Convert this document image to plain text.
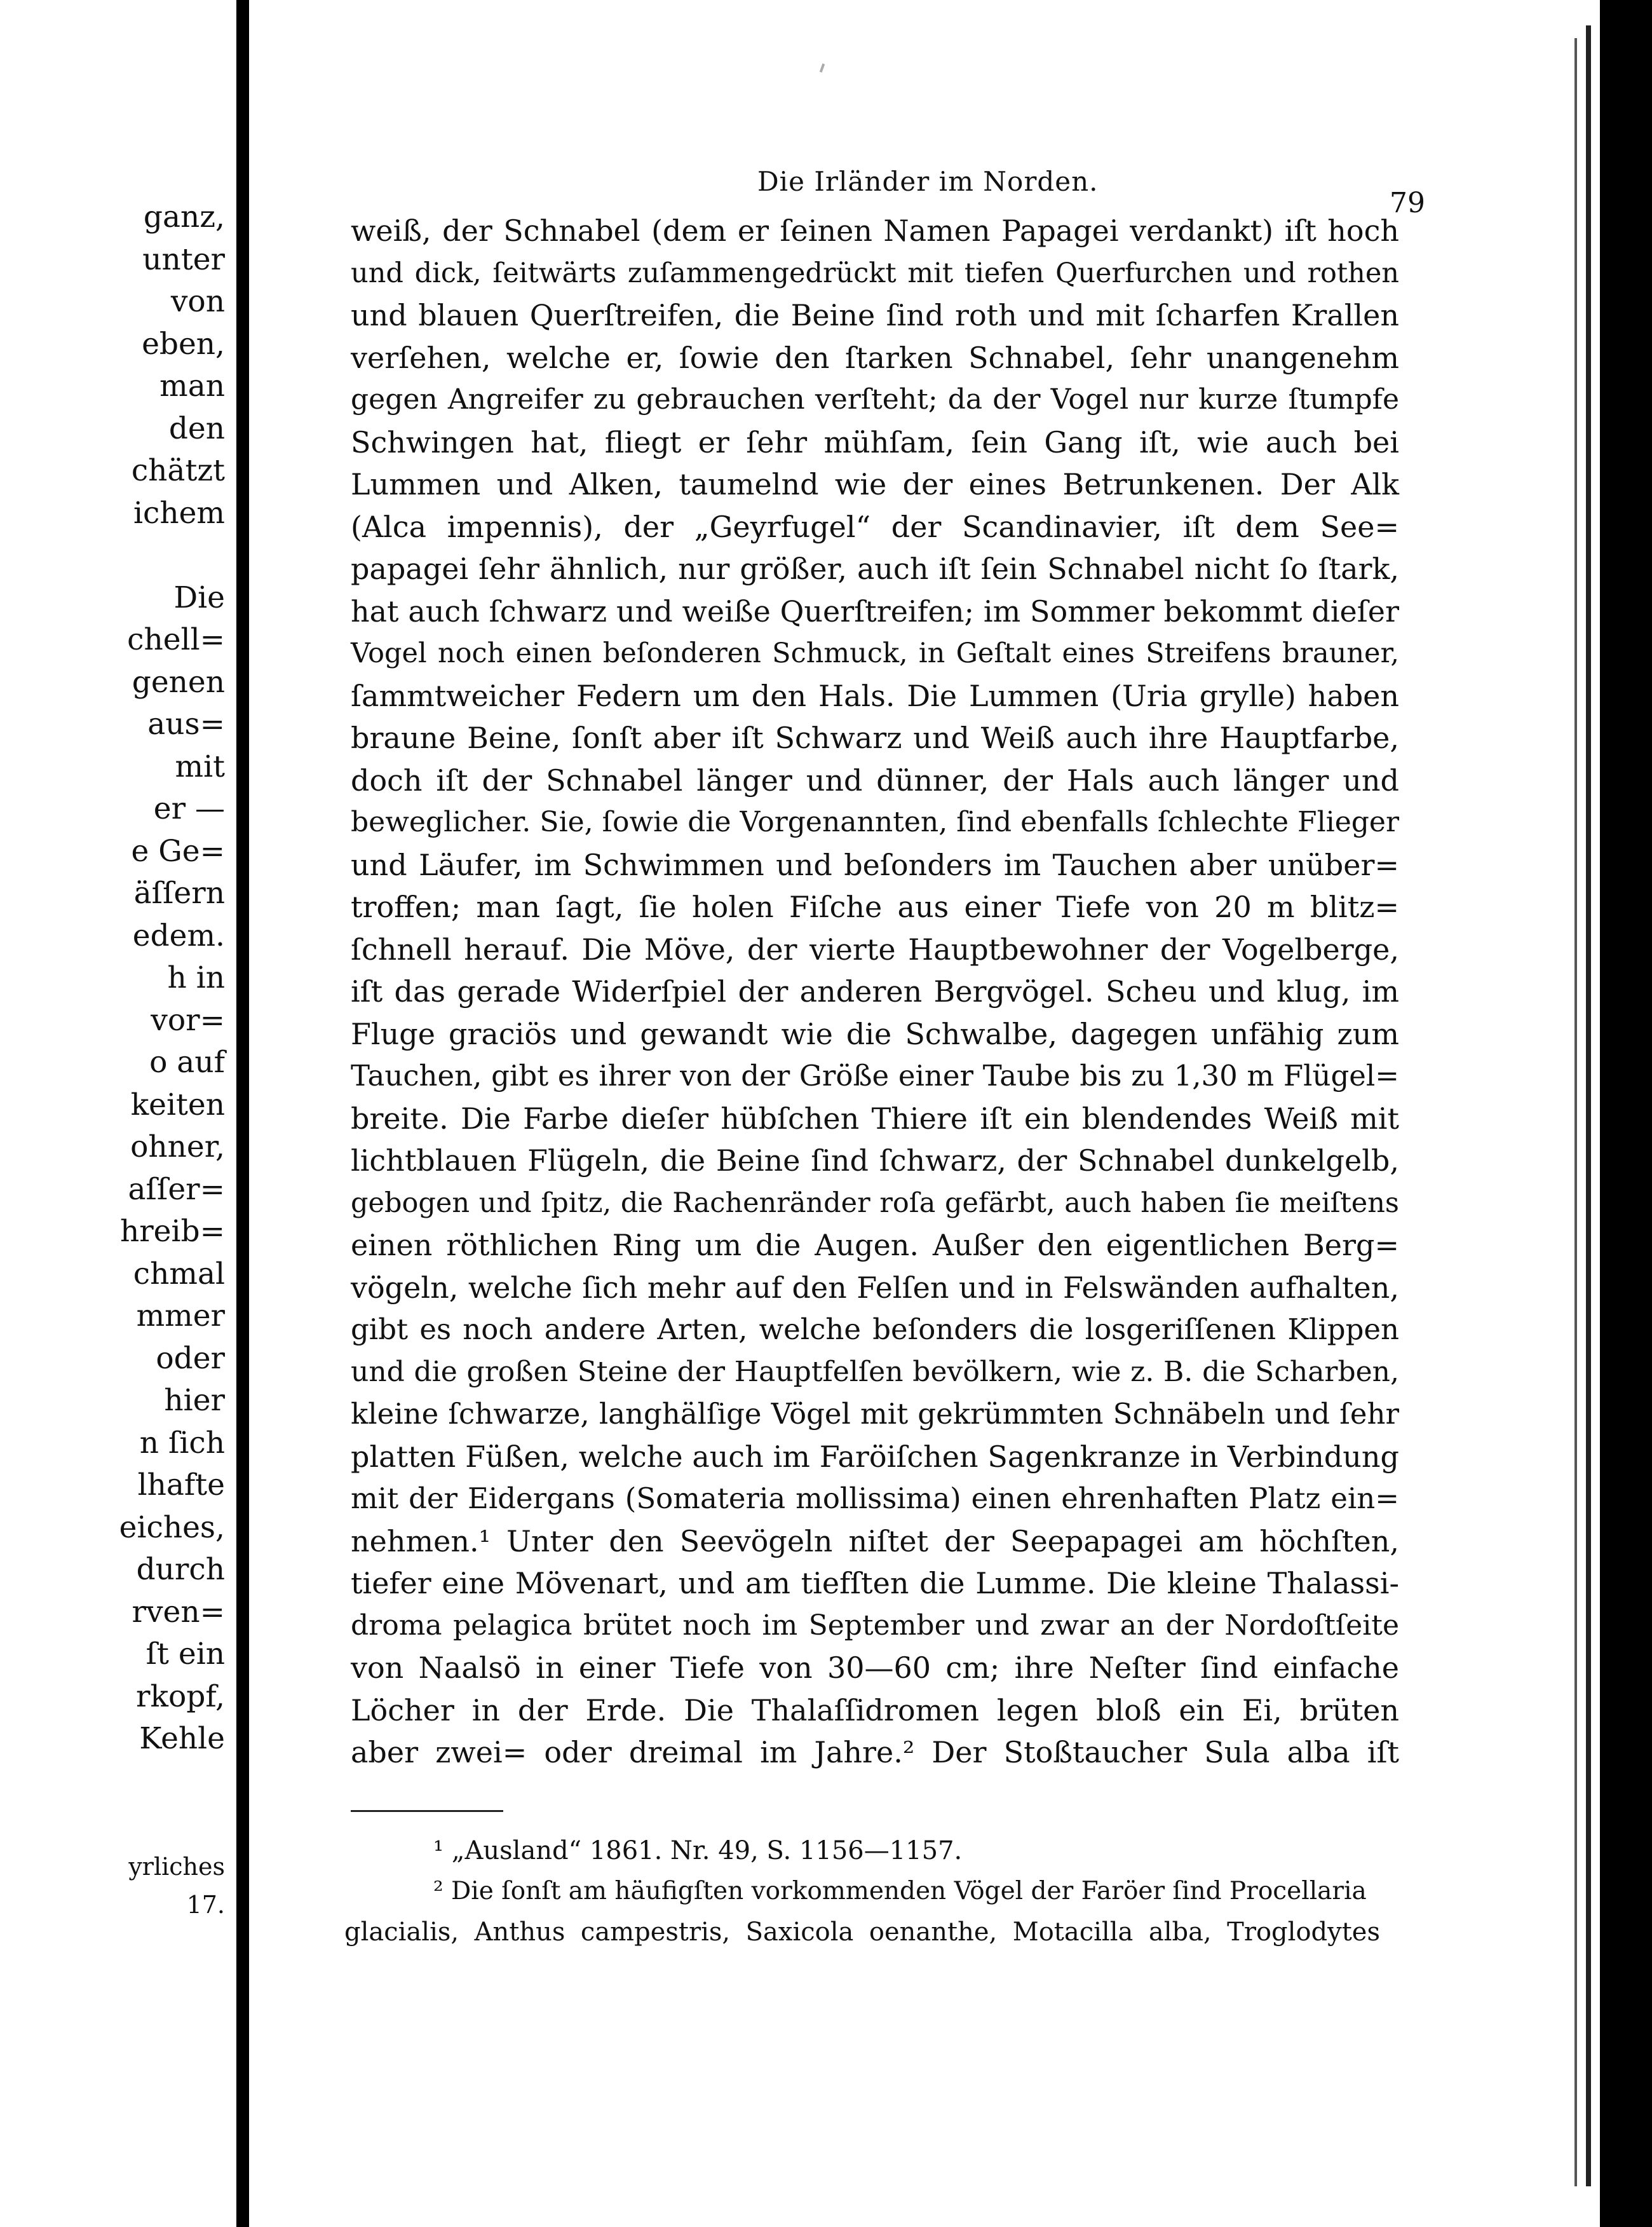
ganz,
unter
von
eben,
man
den
chätzt
ichem
Die
chell=
genen
aus=
mit
er —
e Ge=
äſſern
edem.
h in
vor=
o auf
keiten
ohner,
aſſer=
hreib=
chmal
mmer
oder
hier
n ſich
lhafte
eiches,
durch
rven=
ſt ein
rkopf,
Kehle
yrliches
17.
Die Irländer im Norden.
79
weiß, der Schnabel (dem er ſeinen Namen Papagei verdankt) iſt hoch
und dick, ſeitwärts zuſammengedrückt mit tiefen Querfurchen und rothen
und blauen Querſtreifen, die Beine ſind roth und mit ſcharfen Krallen
verſehen, welche er, ſowie den ſtarken Schnabel, ſehr unangenehm
gegen Angreifer zu gebrauchen verſteht; da der Vogel nur kurze ſtumpfe
Schwingen hat, fliegt er ſehr mühſam, ſein Gang iſt, wie auch bei
Lummen und Alken, taumelnd wie der eines Betrunkenen. Der Alk
(Alca impennis), der „Geyrfugel“ der Scandinavier, iſt dem See=
papagei ſehr ähnlich, nur größer, auch iſt ſein Schnabel nicht ſo ſtark,
hat auch ſchwarz und weiße Querſtreifen; im Sommer bekommt dieſer
Vogel noch einen beſonderen Schmuck, in Geſtalt eines Streifens brauner,
ſammtweicher Federn um den Hals. Die Lummen (Uria grylle) haben
braune Beine, ſonſt aber iſt Schwarz und Weiß auch ihre Hauptfarbe,
doch iſt der Schnabel länger und dünner, der Hals auch länger und
beweglicher. Sie, ſowie die Vorgenannten, ſind ebenfalls ſchlechte Flieger
und Läufer, im Schwimmen und beſonders im Tauchen aber unüber=
troffen; man ſagt, ſie holen Fiſche aus einer Tiefe von 20 m blitz=
ſchnell herauf. Die Möve, der vierte Hauptbewohner der Vogelberge,
iſt das gerade Widerſpiel der anderen Bergvögel. Scheu und klug, im
Fluge graciös und gewandt wie die Schwalbe, dagegen unfähig zum
Tauchen, gibt es ihrer von der Größe einer Taube bis zu 1,30 m Flügel=
breite. Die Farbe dieſer hübſchen Thiere iſt ein blendendes Weiß mit
lichtblauen Flügeln, die Beine ſind ſchwarz, der Schnabel dunkelgelb,
gebogen und ſpitz, die Rachenränder roſa gefärbt, auch haben ſie meiſtens
einen röthlichen Ring um die Augen. Außer den eigentlichen Berg=
vögeln, welche ſich mehr auf den Felſen und in Felswänden aufhalten,
gibt es noch andere Arten, welche beſonders die losgeriſſenen Klippen
und die großen Steine der Hauptfelſen bevölkern, wie z. B. die Scharben,
kleine ſchwarze, langhälſige Vögel mit gekrümmten Schnäbeln und ſehr
platten Füßen, welche auch im Faröiſchen Sagenkranze in Verbindung
mit der Eidergans (Somateria mollissima) einen ehrenhaften Platz ein=
nehmen.¹ Unter den Seevögeln niſtet der Seepapagei am höchſten,
tiefer eine Mövenart, und am tiefſten die Lumme. Die kleine Thalassi-
droma pelagica brütet noch im September und zwar an der Nordoſtſeite
von Naalsö in einer Tiefe von 30—60 cm; ihre Neſter ſind einfache
Löcher in der Erde. Die Thalaſſidromen legen bloß ein Ei, brüten
aber zwei= oder dreimal im Jahre.² Der Stoßtaucher Sula alba iſt
¹ „Ausland“ 1861. Nr. 49, S. 1156—1157.
² Die ſonſt am häufigſten vorkommenden Vögel der Faröer ſind Procellaria
glacialis, Anthus campestris, Saxicola oenanthe, Motacilla alba, Troglodytes
